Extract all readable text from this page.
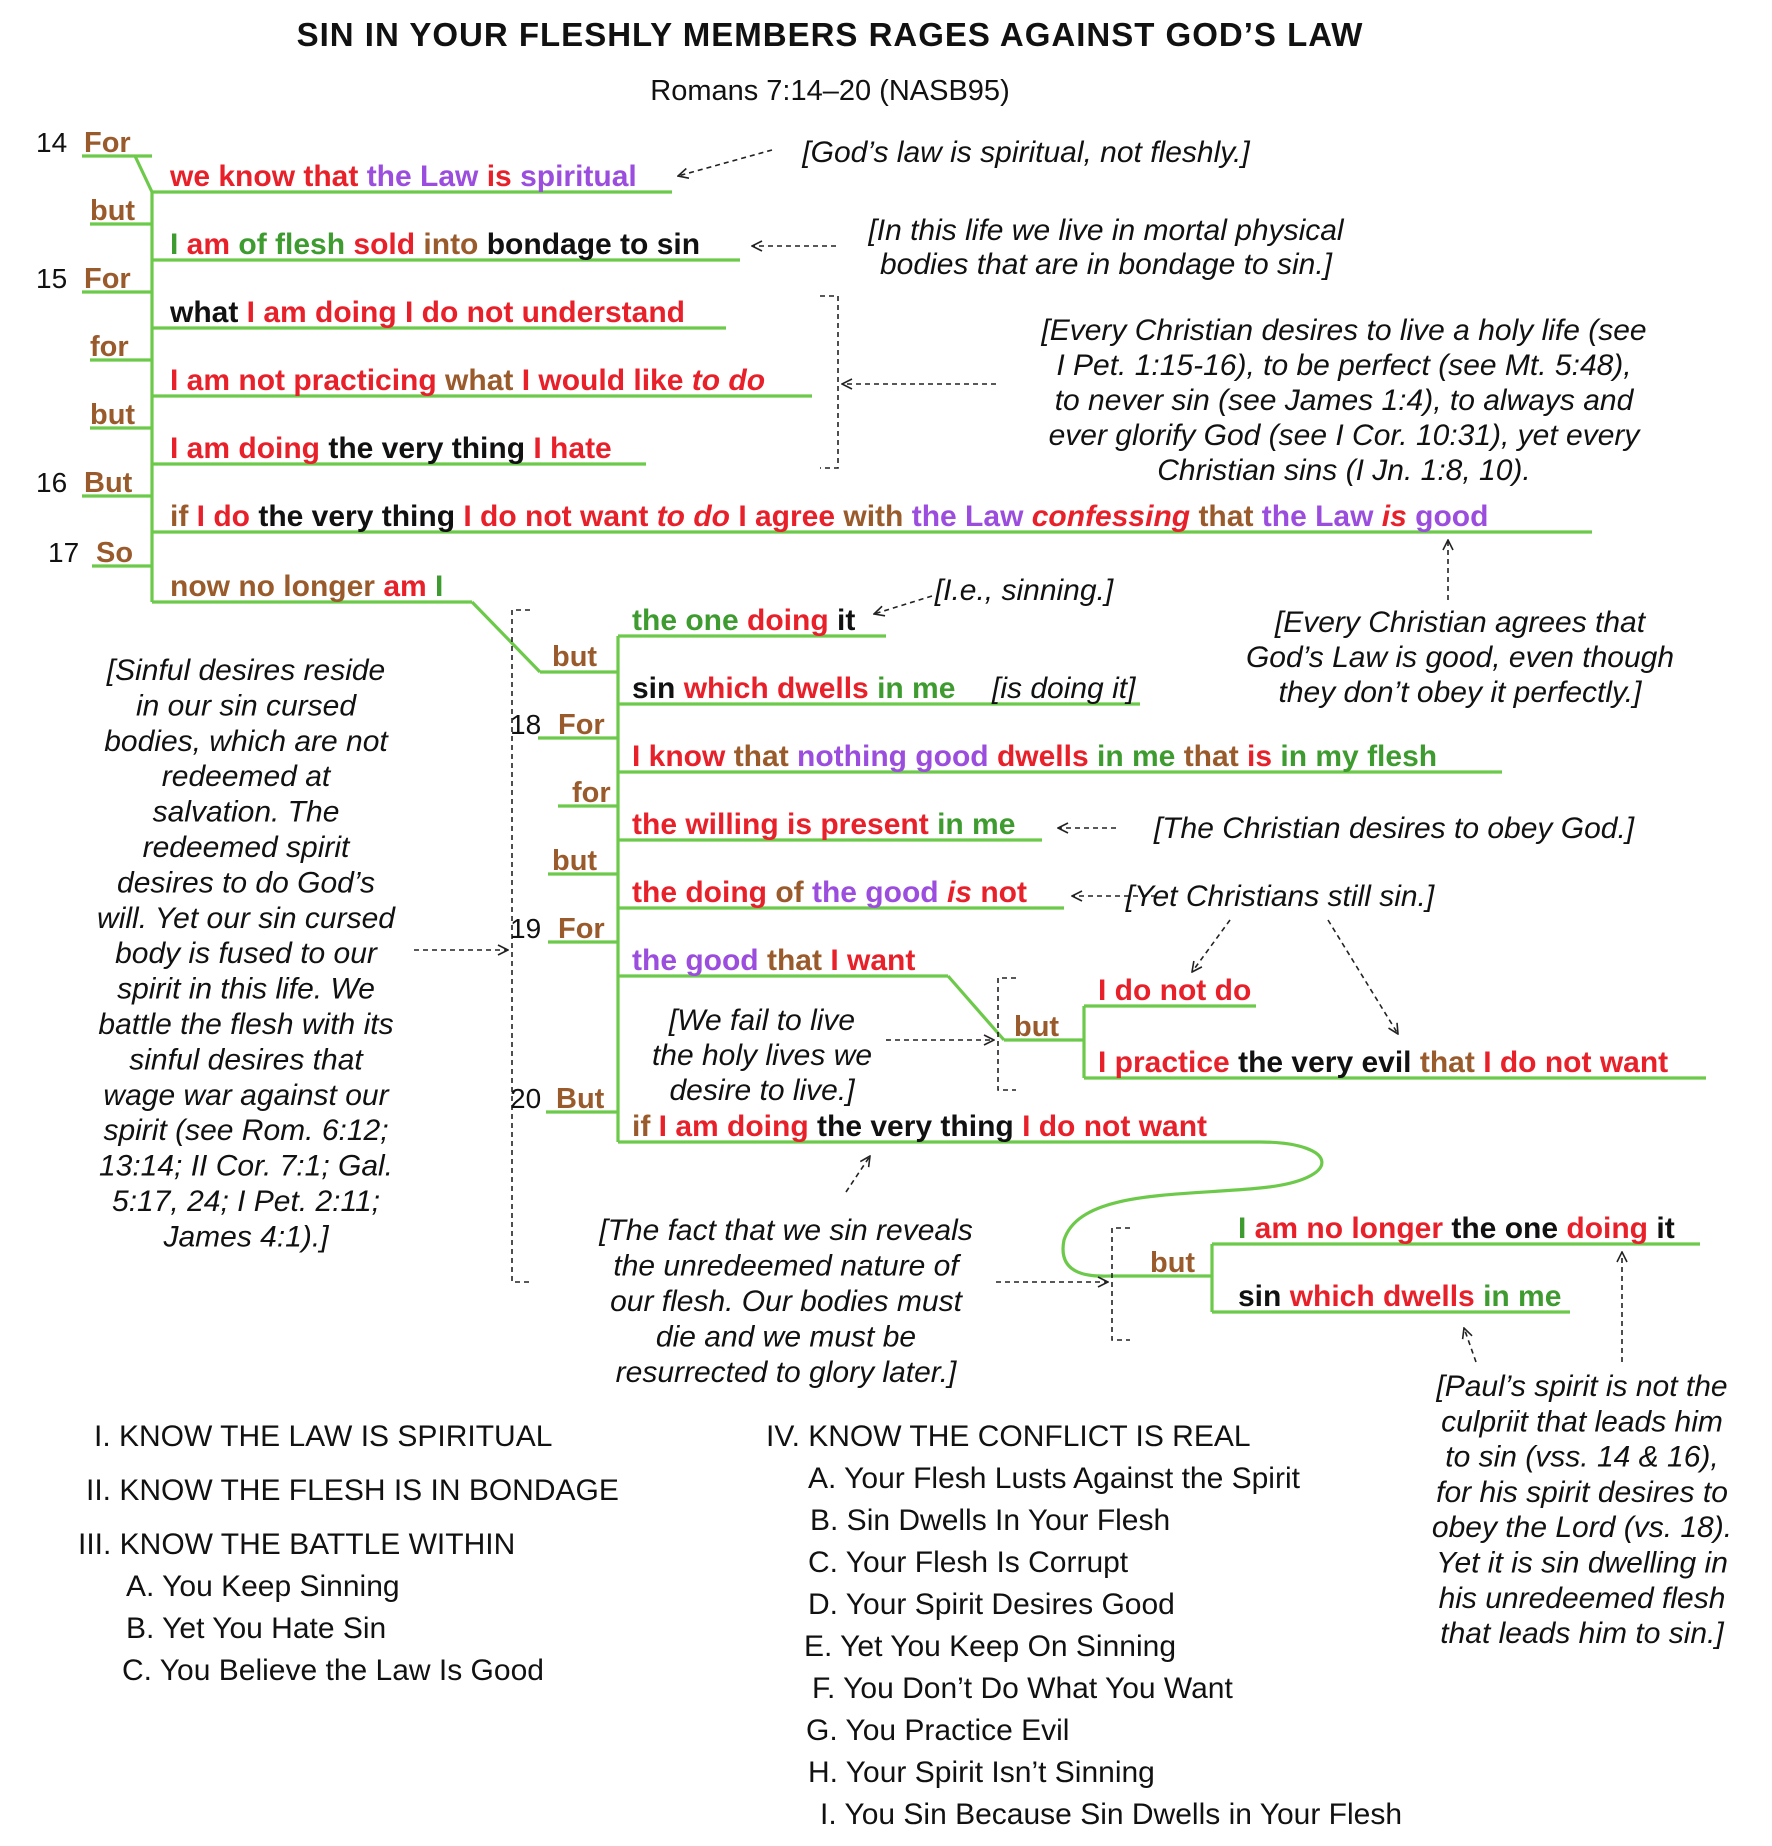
SIN IN YOUR FLESHLY MEMBERS RAGES AGAINST GOD’S LAW
Romans 7:14–20 (NASB95)
14
15
16
17
18
19
20
For
but
For
for
but
But
So
but
For
for
but
For
but
But
but
we know that the Law is spiritual
I am of flesh sold into bondage to sin
what I am doing I do not understand
I am not practicing what I would like to do
I am doing the very thing I hate
if I do the very thing I do not want to do I agree with the Law confessing that the Law is good
now no longer am I
the one doing it
sin which dwells in me [is doing it]
I know that nothing good dwells in me that is in my flesh
the willing is present in me
the doing of the good is not
the good that I want
I do not do
I practice the very evil that I do not want
if I am doing the very thing I do not want
I am no longer the one doing it
sin which dwells in me
[God’s law is spiritual, not fleshly.]
[In this life we live in mortal physical bodies that are in bondage to sin.]
[Every Christian desires to live a holy life (see I Pet. 1:15-16), to be perfect (see Mt. 5:48), to never sin (see James 1:4), to always and ever glorify God (see I Cor. 10:31), yet every Christian sins (I Jn. 1:8, 10).
[I.e., sinning.]
[Every Christian agrees that God’s Law is good, even though they don’t obey it perfectly.]
[Sinful desires reside in our sin cursed bodies, which are not redeemed at salvation. The redeemed spirit desires to do God’s will. Yet our sin cursed body is fused to our spirit in this life. We battle the flesh with its sinful desires that wage war against our spirit (see Rom. 6:12; 13:14; II Cor. 7:1; Gal. 5:17, 24; I Pet. 2:11; James 4:1).]
[The Christian desires to obey God.]
[Yet Christians still sin.]
[We fail to live the holy lives we desire to live.]
[The fact that we sin reveals the unredeemed nature of our flesh. Our bodies must die and we must be resurrected to glory later.]	[Paul’s spirit is not the culpriit that leads him to sin (vss. 14 & 16), for his spirit desires to obey the Lord (vs. 18). Yet it is sin dwelling in his unredeemed flesh that leads him to sin.]
I. KNOW THE LAW IS SPIRITUAL
II. KNOW THE FLESH IS IN BONDAGE
III. KNOW THE BATTLE WITHIN
A. You Keep Sinning
B. Yet You Hate Sin
C. You Believe the Law Is Good
IV. KNOW THE CONFLICT IS REAL
A. Your Flesh Lusts Against the Spirit
B. Sin Dwells In Your Flesh
C. Your Flesh Is Corrupt
D. Your Spirit Desires Good
E. Yet You Keep On Sinning
F. You Don’t Do What You Want
G. You Practice Evil
H. Your Spirit Isn’t Sinning
I. You Sin Because Sin Dwells in Your Flesh
